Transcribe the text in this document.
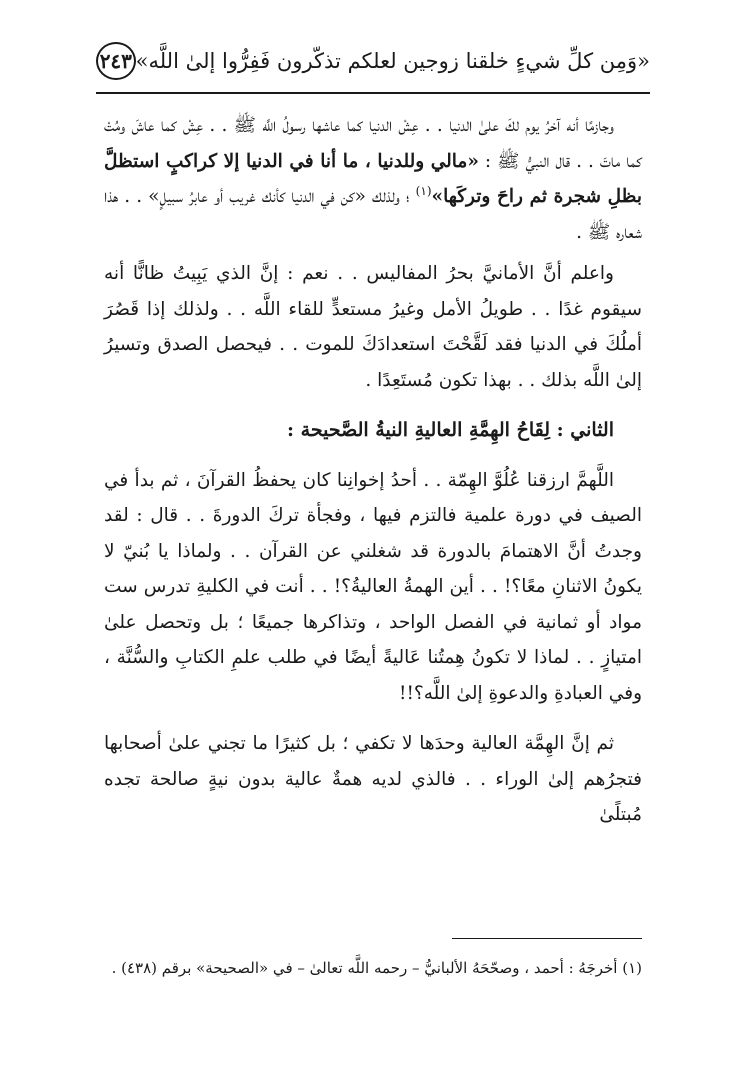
«وَمِن كلِّ شيءٍ خلقنا زوجين لعلكم تذكّرون فَفِرُّوا إلىٰ اللَّه»
٢٤٣

وجازمًا أنه آخرُ يوم لكَ علىٰ الدنيا . . عِشْ الدنيا كما عاشها رسولُ اللَّه ﷺ . . عِشْ كما عاشَ ومُتْ كما ماتَ . . قال النبيُّ ﷺ : «مالي وللدنيا ، ما أنا في الدنيا إلا كراكبٍ استظلَّ بظلِ شجرة ثم راحَ وتركَها»$^{(١)}$ ؛ ولذلك «كن في الدنيا كأنك غريب أو عابرُ سبيلٍ» . . هذا شعاره ﷺ .

واعلم أنَّ الأمانيَّ بحرُ المفاليس . . نعم : إنَّ الذي يَبِيتُ ظانًّا أنه سيقوم غدًا . . طويلُ الأمل وغيرُ مستعدٍّ للقاء اللَّه . . ولذلك إذا قَصُرَ أملُكَ في الدنيا فقد لَقَّحْتَ استعدادَكَ للموت . . فيحصل الصدق وتسيرُ إلىٰ اللَّه بذلك . . بهذا تكون مُستَعِدًا .

الثاني : لِقَاحُ الهِمَّةِ العاليةِ النيةُ الصَّحيحة :

اللَّهمَّ ارزقنا عُلُوَّ الهِمّة . . أحدُ إخوانِنا كان يحفظُ القرآنَ ، ثم بدأ في الصيف في دورة علمية فالتزم فيها ، وفجأة تركَ الدورةَ . . قال : لقد وجدتُ أنَّ الاهتمامَ بالدورة قد شغلني عن القرآن . . ولماذا يا بُنيّ لا يكونُ الاثنانِ معًا؟! . . أين الهمةُ العاليةُ؟! . . أنت في الكليةِ تدرس ست مواد أو ثمانية في الفصل الواحد ، وتذاكرها جميعًا ؛ بل وتحصل علىٰ امتيازٍ . . لماذا لا تكونُ هِمتُنا عَاليةً أيضًا في طلب علمِ الكتابِ والسُّنَّة ، وفي العبادةِ والدعوةِ إلىٰ اللَّه؟!!

ثم إنَّ الهِمَّة العالية وحدَها لا تكفي ؛ بل كثيرًا ما تجني علىٰ أصحابها فتجرُهم إلىٰ الوراء . . فالذي لديه همةٌ عالية بدون نيةٍ صالحة تجده مُبتلًىٰ

(١) أخرجَهُ : أحمد ، وصحّحَهُ الألبانيُّ – رحمه اللَّه تعالىٰ – في «الصحيحة» برقم (٤٣٨) .
